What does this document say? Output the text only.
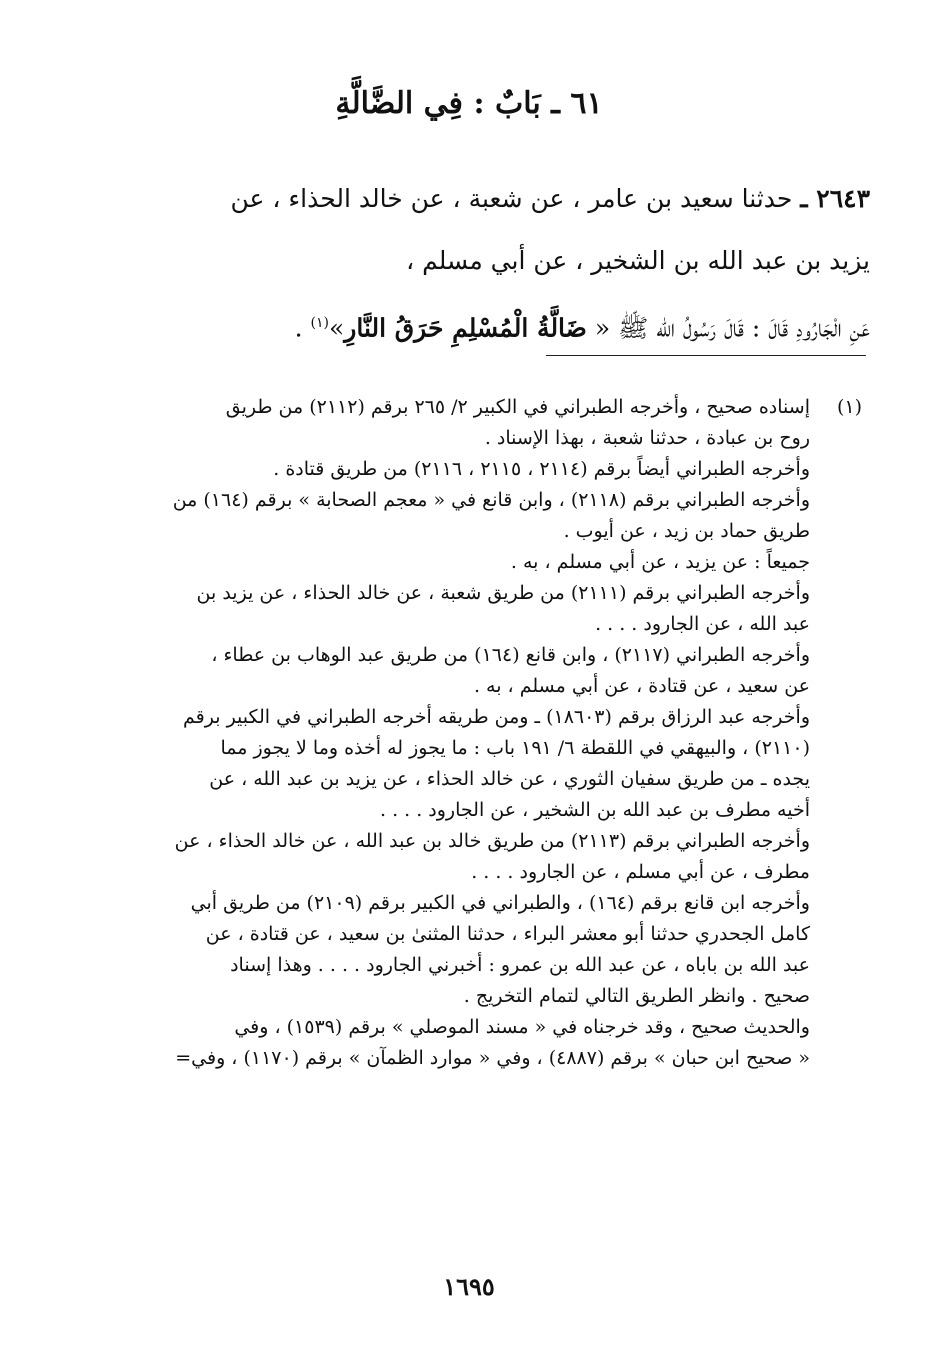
٦١ ـ بَابٌ : فِي الضَّالَّةِ
٢٦٤٣ ـ حدثنا سعيد بن عامر ، عن شعبة ، عن خالد الحذاء ، عن
يزيد بن عبد الله بن الشخير ، عن أبي مسلم ،
عَنِ الْجَارُودِ قَالَ : قَالَ رَسُولُ الله ﷺ « ضَالَّةُ الْمُسْلِمِ حَرَقُ النَّارِ»$^{(١)}$ .
(١)
إسناده صحيح ، وأخرجه الطبراني في الكبير ٢/ ٢٦٥ برقم (٢١١٢) من طريق
روح بن عبادة ، حدثنا شعبة ، بهذا الإسناد .
وأخرجه الطبراني أيضاً برقم (٢١١٤ ، ٢١١٥ ، ٢١١٦) من طريق قتادة .
وأخرجه الطبراني برقم (٢١١٨) ، وابن قانع في « معجم الصحابة » برقم (١٦٤) من
طريق حماد بن زيد ، عن أيوب .
جميعاً : عن يزيد ، عن أبي مسلم ، به .
وأخرجه الطبراني برقم (٢١١١) من طريق شعبة ، عن خالد الحذاء ، عن يزيد بن
عبد الله ، عن الجارود . . . .
وأخرجه الطبراني (٢١١٧) ، وابن قانع (١٦٤) من طريق عبد الوهاب بن عطاء ،
عن سعيد ، عن قتادة ، عن أبي مسلم ، به .
وأخرجه عبد الرزاق برقم (١٨٦٠٣) ـ ومن طريقه أخرجه الطبراني في الكبير برقم
(٢١١٠) ، والبيهقي في اللقطة ٦/ ١٩١ باب : ما يجوز له أخذه وما لا يجوز مما
يجده ـ من طريق سفيان الثوري ، عن خالد الحذاء ، عن يزيد بن عبد الله ، عن
أخيه مطرف بن عبد الله بن الشخير ، عن الجارود . . . .
وأخرجه الطبراني برقم (٢١١٣) من طريق خالد بن عبد الله ، عن خالد الحذاء ، عن
مطرف ، عن أبي مسلم ، عن الجارود . . . .
وأخرجه ابن قانع برقم (١٦٤) ، والطبراني في الكبير برقم (٢١٠٩) من طريق أبي
كامل الجحدري حدثنا أبو معشر البراء ، حدثنا المثنىٰ بن سعيد ، عن قتادة ، عن
عبد الله بن باباه ، عن عبد الله بن عمرو : أخبرني الجارود . . . . وهذا إسناد
صحيح . وانظر الطريق التالي لتمام التخريج .
والحديث صحيح ، وقد خرجناه في « مسند الموصلي » برقم (١٥٣٩) ، وفي
« صحيح ابن حبان » برقم (٤٨٨٧) ، وفي « موارد الظمآن » برقم (١١٧٠) ، وفي=
١٦٩٥
